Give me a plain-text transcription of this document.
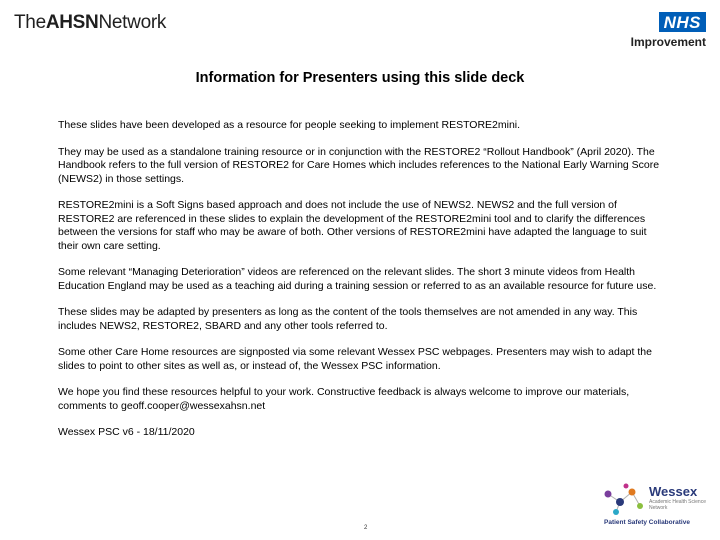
TheAHSNNetwork	NHS
Improvement
Information for Presenters using this slide deck

These slides have been developed as a resource for people seeking to implement RESTORE2mini.

They may be used as a standalone training resource or in conjunction with the RESTORE2 “Rollout Handbook” (April 2020). The Handbook refers to the full version of RESTORE2 for Care Homes which includes references to the National Early Warning Score (NEWS2) in those settings.

RESTORE2mini is a Soft Signs based approach and does not include the use of NEWS2. NEWS2 and the full version of RESTORE2 are referenced in these slides to explain the development of the RESTORE2mini tool and to clarify the differences between the versions for staff who may be aware of both. Other versions of RESTORE2mini have adapted the language to suit their own care setting.

Some relevant “Managing Deterioration” videos are referenced on the relevant slides. The short 3 minute videos from Health Education England may be used as a teaching aid during a training session or referred to as an available resource for future use.

These slides may be adapted by presenters as long as the content of the tools themselves are not amended in any way. This includes NEWS2, RESTORE2, SBARD and any other tools referred to.

Some other Care Home resources are signposted via some relevant Wessex PSC webpages. Presenters may wish to adapt the slides to point to other sites as well as, or instead of, the Wessex PSC information.

We hope you find these resources helpful to your work. Constructive feedback is always welcome to improve our materials, comments to geoff.cooper@wessexahsn.net

Wessex PSC v6 - 18/11/2020

2
Wessex
Academic Health Science Network
Patient Safety Collaborative
